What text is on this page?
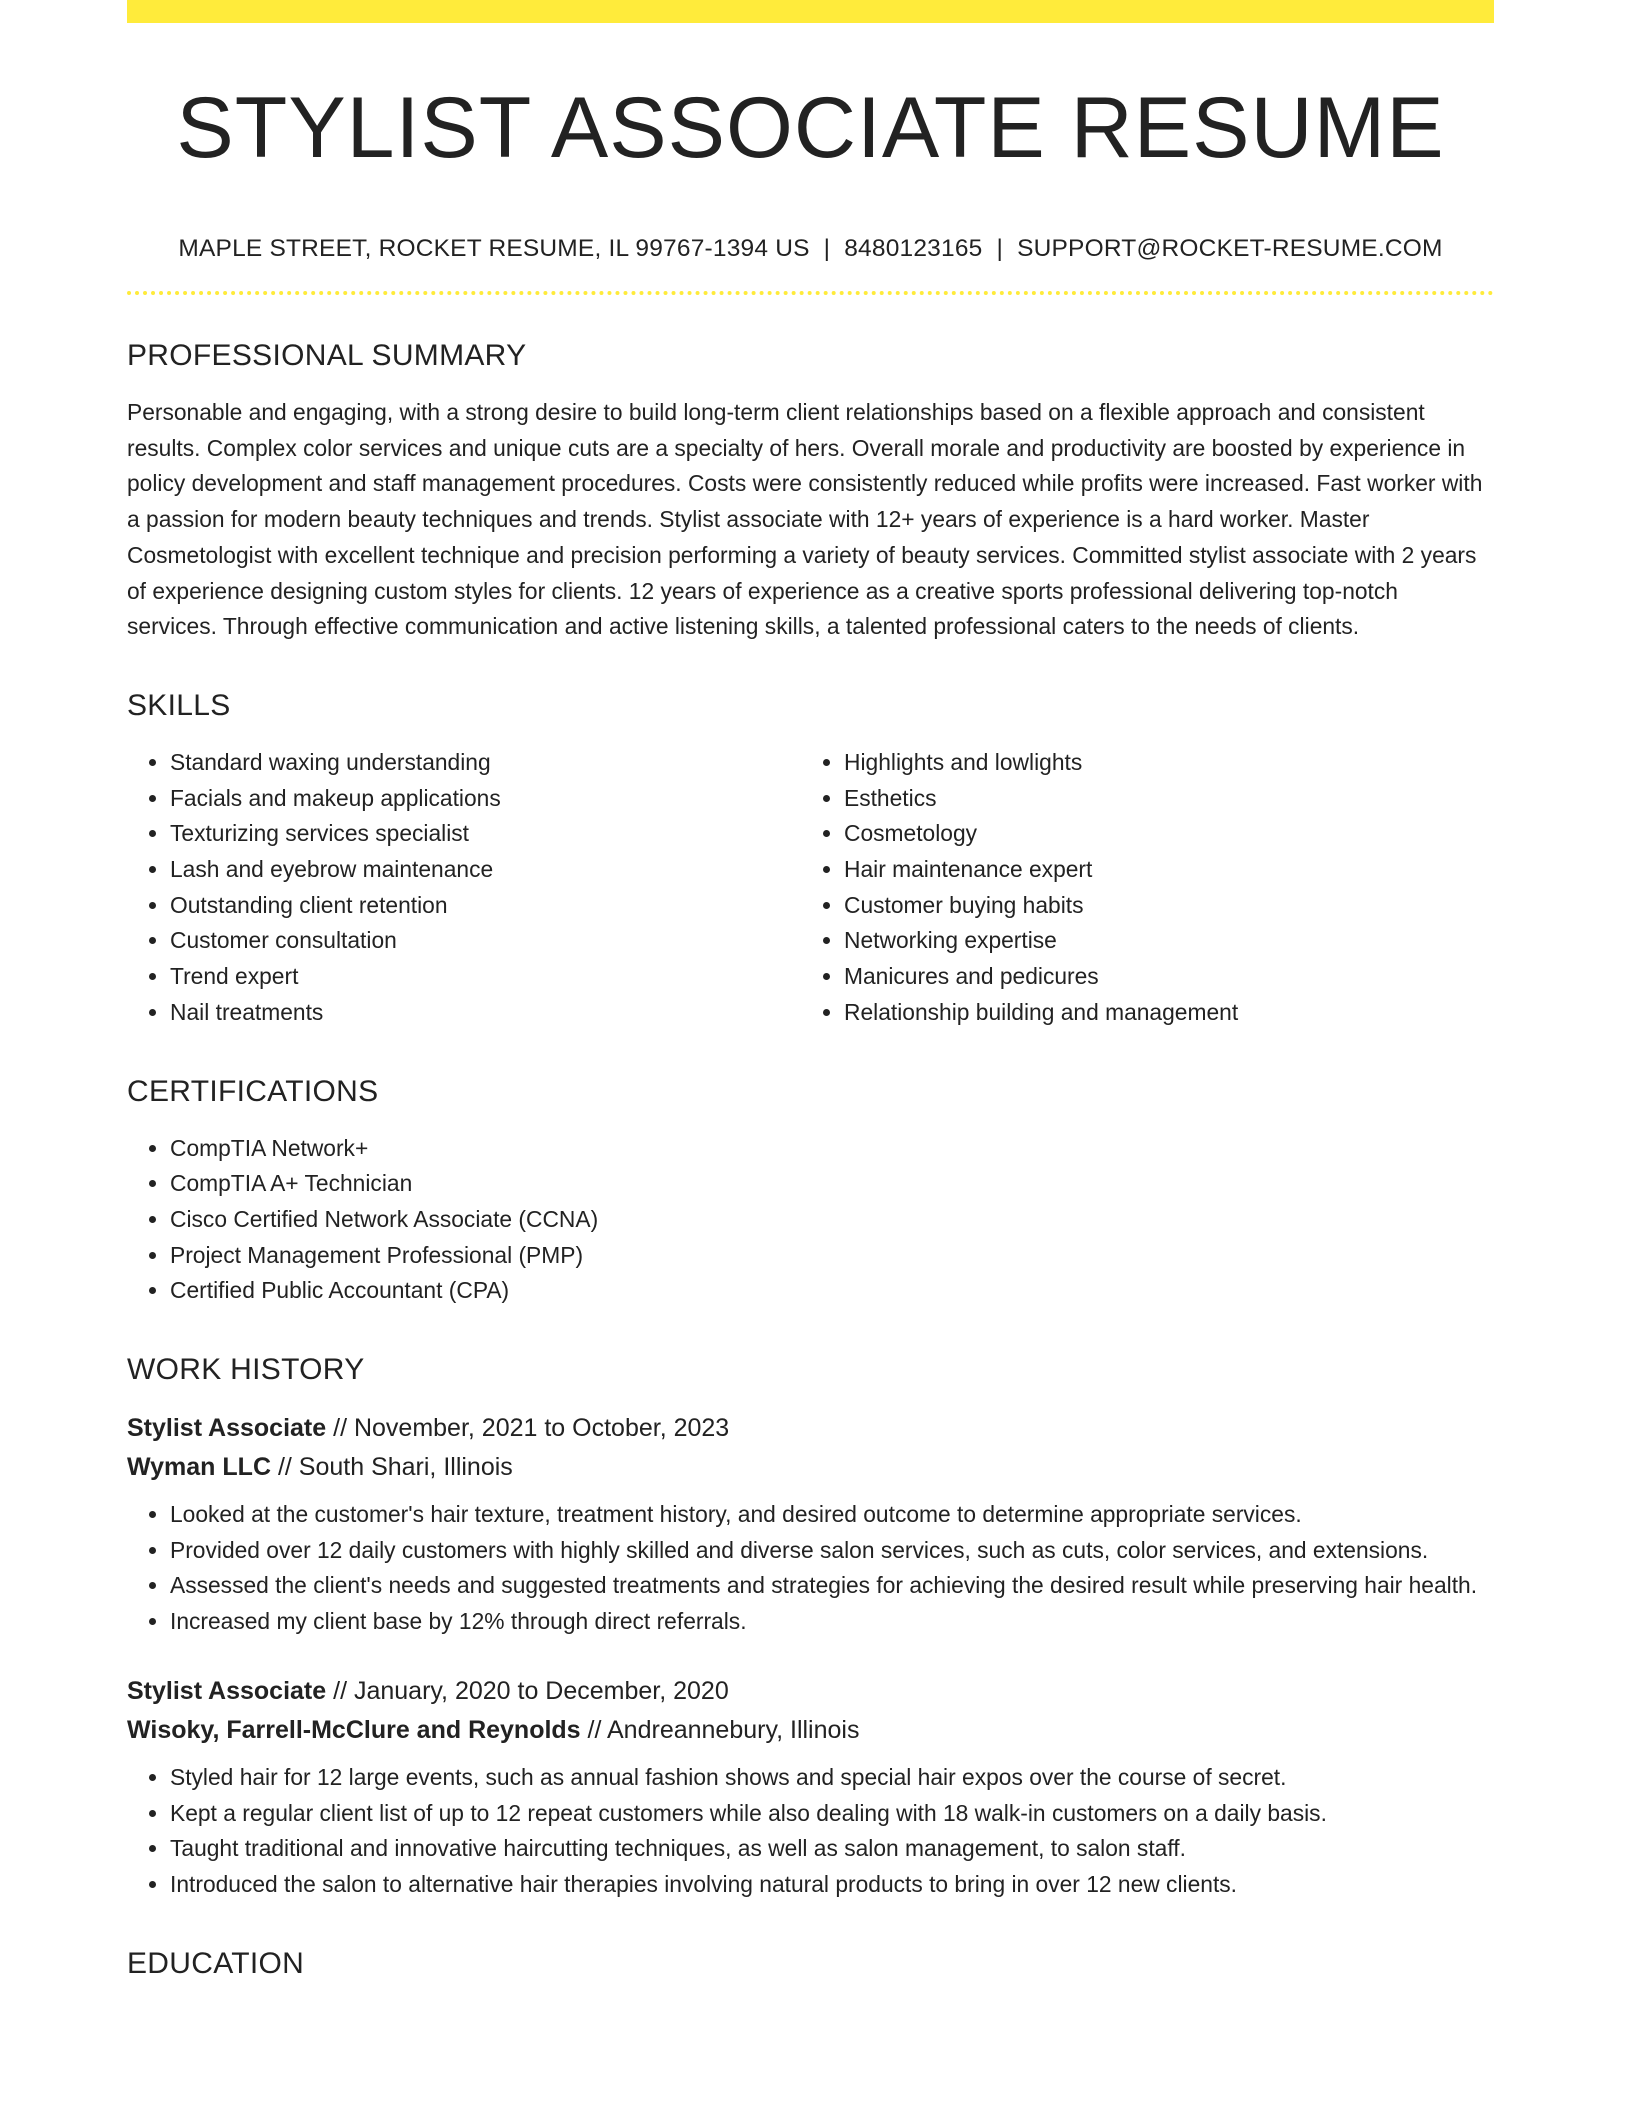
STYLIST ASSOCIATE RESUME
MAPLE STREET, ROCKET RESUME, IL 99767-1394 US | 8480123165 | SUPPORT@ROCKET-RESUME.COM
PROFESSIONAL SUMMARY

Personable and engaging, with a strong desire to build long-term client relationships based on a flexible approach and consistent results. Complex color services and unique cuts are a specialty of hers. Overall morale and productivity are boosted by experience in policy development and staff management procedures. Costs were consistently reduced while profits were increased. Fast worker with a passion for modern beauty techniques and trends. Stylist associate with 12+ years of experience is a hard worker. Master Cosmetologist with excellent technique and precision performing a variety of beauty services. Committed stylist associate with 2 years of experience designing custom styles for clients. 12 years of experience as a creative sports professional delivering top-notch services. Through effective communication and active listening skills, a talented professional caters to the needs of clients.

SKILLS
• Standard waxing understanding
• Facials and makeup applications
• Texturizing services specialist
• Lash and eyebrow maintenance
• Outstanding client retention
• Customer consultation
• Trend expert
• Nail treatments
• Highlights and lowlights
• Esthetics
• Cosmetology
• Hair maintenance expert
• Customer buying habits
• Networking expertise
• Manicures and pedicures
• Relationship building and management
CERTIFICATIONS
• CompTIA Network+
• CompTIA A+ Technician
• Cisco Certified Network Associate (CCNA)
• Project Management Professional (PMP)
• Certified Public Accountant (CPA)
WORK HISTORY
Stylist Associate // November, 2021 to October, 2023
Wyman LLC // South Shari, Illinois
• Looked at the customer's hair texture, treatment history, and desired outcome to determine appropriate services.
• Provided over 12 daily customers with highly skilled and diverse salon services, such as cuts, color services, and extensions.
• Assessed the client's needs and suggested treatments and strategies for achieving the desired result while preserving hair health.
• Increased my client base by 12% through direct referrals.
Stylist Associate // January, 2020 to December, 2020
Wisoky, Farrell-McClure and Reynolds // Andreannebury, Illinois
• Styled hair for 12 large events, such as annual fashion shows and special hair expos over the course of secret.
• Kept a regular client list of up to 12 repeat customers while also dealing with 18 walk-in customers on a daily basis.
• Taught traditional and innovative haircutting techniques, as well as salon management, to salon staff.
• Introduced the salon to alternative hair therapies involving natural products to bring in over 12 new clients.
EDUCATION
